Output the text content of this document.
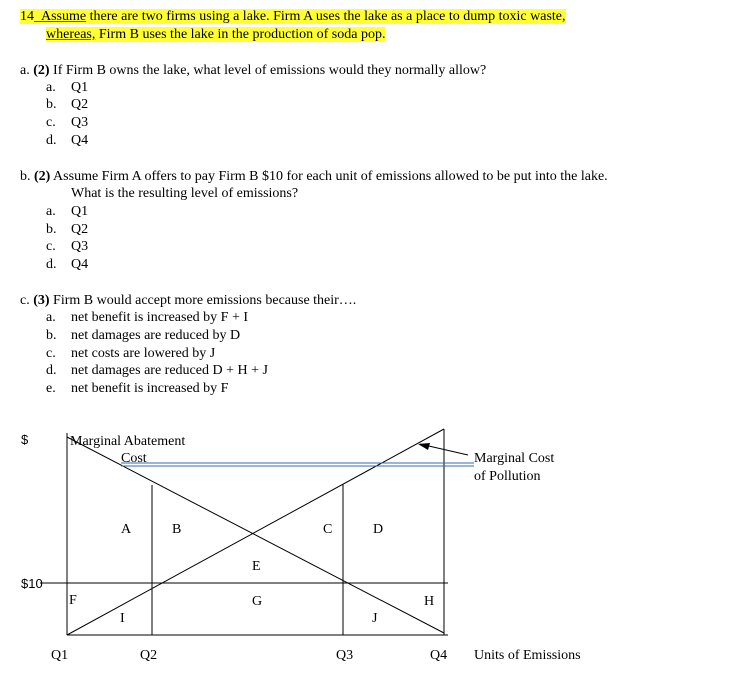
14 Assume there are two firms using a lake. Firm A uses the lake as a place to dump toxic waste,
whereas, Firm B uses the lake in the production of soda pop.
a. (2) If Firm B owns the lake, what level of emissions would they normally allow?
a. Q1
b. Q2
c. Q3
d. Q4
b. (2) Assume Firm A offers to pay Firm B $10 for each unit of emissions allowed to be put into the lake.
What is the resulting level of emissions?
a. Q1
b. Q2
c. Q3
d. Q4
c. (3) Firm B would accept more emissions because their….
a. net benefit is increased by F + I
b. net damages are reduced by D
c. net costs are lowered by J
d. net damages are reduced D + H + J
e. net benefit is increased by F
$
$10
Marginal Abatement
Cost	Marginal Cost
of Pollution
A	B	C	D
E
F	G	H
I	J
Q1	Q2	Q3	Q4 Units of Emissions
